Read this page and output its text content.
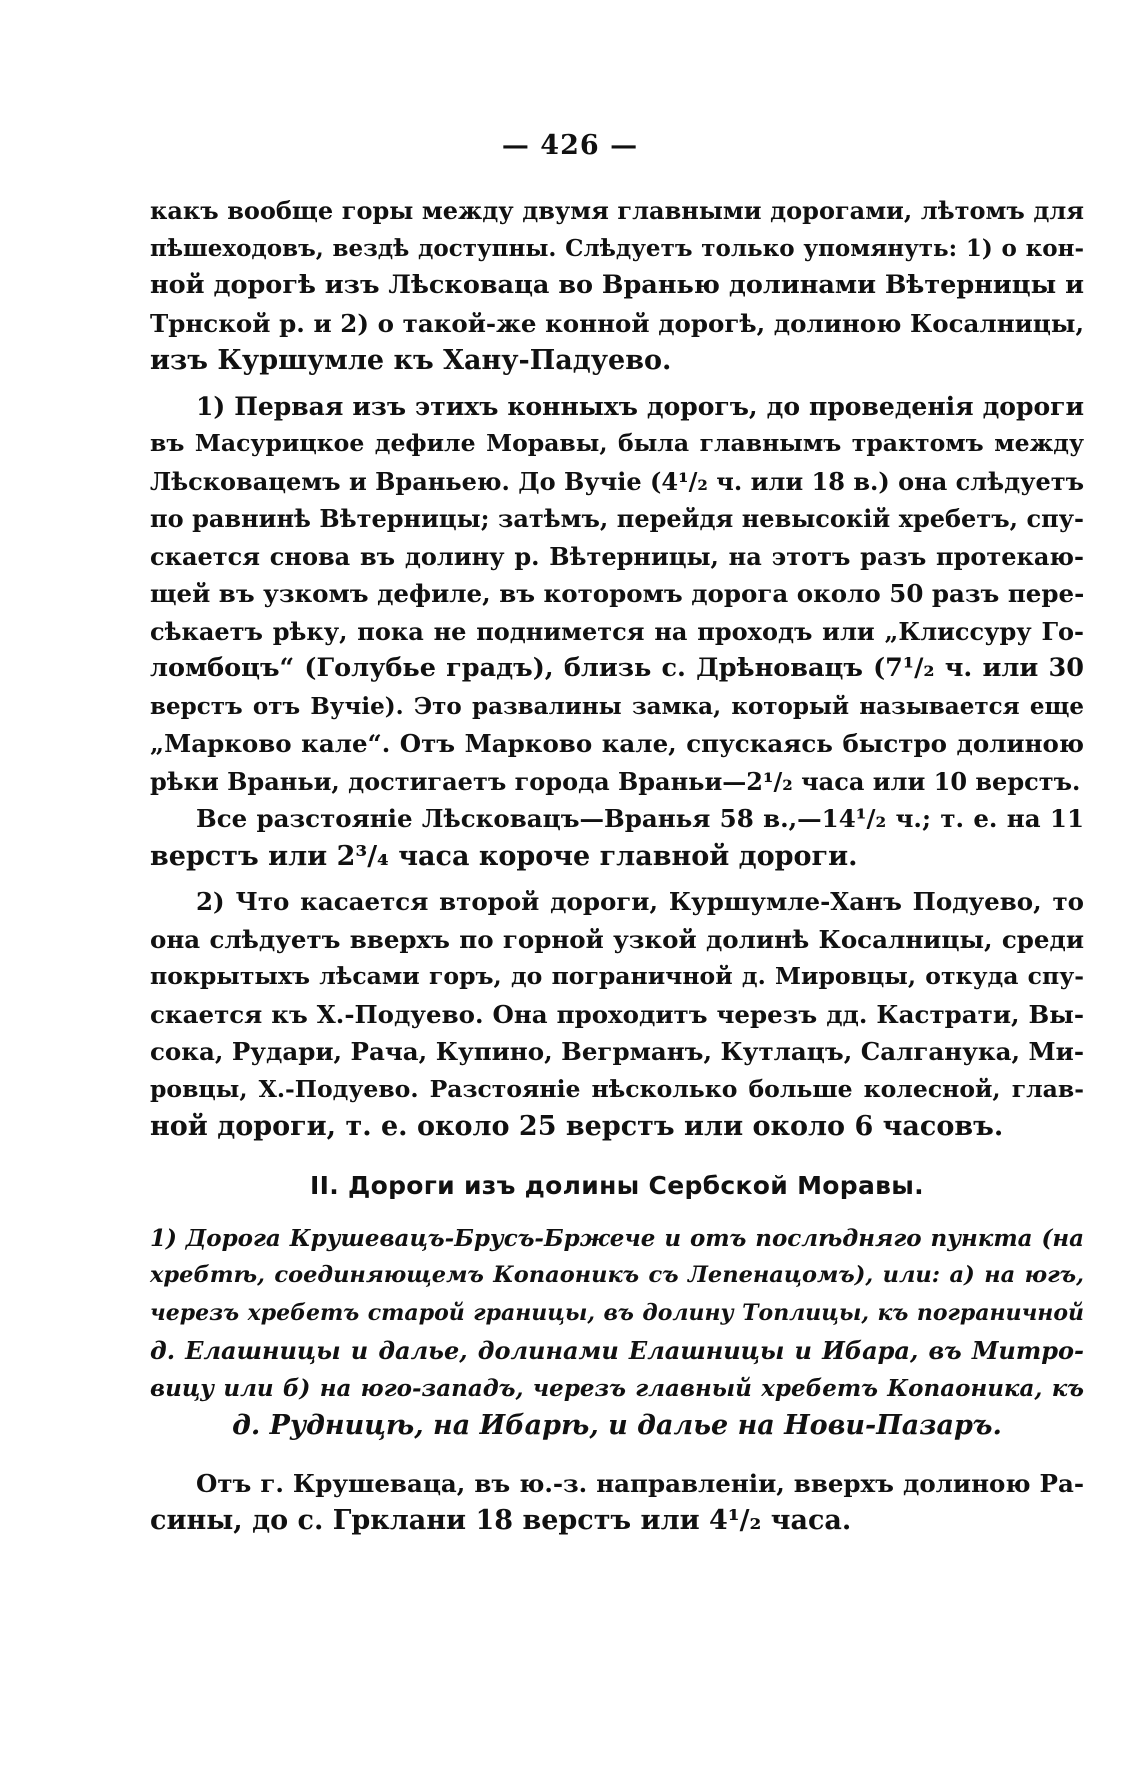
— 426 —
какъ вообще горы между двумя главными дорогами, лѣтомъ для
пѣшеходовъ, вездѣ доступны. Слѣдуетъ только упомянуть: 1) о кон-
ной дорогѣ изъ Лѣсковаца во Вранью долинами Вѣтерницы и
Трнской р. и 2) о такой-же конной дорогѣ, долиною Косалницы,
изъ Куршумле къ Хану-Падуево.
1) Первая изъ этихъ конныхъ дорогъ, до проведенія дороги
въ Масурицкое дефиле Моравы, была главнымъ трактомъ между
Лѣсковацемъ и Враньею. До Вучіе (4¹/₂ ч. или 18 в.) она слѣдуетъ
по равнинѣ Вѣтерницы; затѣмъ, перейдя невысокій хребетъ, спу-
скается снова въ долину р. Вѣтерницы, на этотъ разъ протекаю-
щей въ узкомъ дефиле, въ которомъ дорога около 50 разъ пере-
сѣкаетъ рѣку, пока не поднимется на проходъ или „Клиссуру Го-
ломбоцъ“ (Голубье градъ), близь с. Дрѣновацъ (7¹/₂ ч. или 30
верстъ отъ Вучіе). Это развалины замка, который называется еще
„Марково кале“. Отъ Марково кале, спускаясь быстро долиною
рѣки Враньи, достигаетъ города Враньи—2¹/₂ часа или 10 верстъ.
Все разстояніе Лѣсковацъ—Вранья 58 в.,—14¹/₂ ч.; т. е. на 11
верстъ или 2³/₄ часа короче главной дороги.
2) Что касается второй дороги, Куршумле-Ханъ Подуево, то
она слѣдуетъ вверхъ по горной узкой долинѣ Косалницы, среди
покрытыхъ лѣсами горъ, до пограничной д. Мировцы, откуда спу-
скается къ Х.-Подуево. Она проходитъ черезъ дд. Кастрати, Вы-
сока, Рудари, Рача, Купино, Вегрманъ, Кутлацъ, Салганука, Ми-
ровцы, Х.-Подуево. Разстояніе нѣсколько больше колесной, глав-
ной дороги, т. е. около 25 верстъ или около 6 часовъ.
II. Дороги изъ долины Сербской Моравы.
1) Дорога Крушевацъ-Брусъ-Бржече и отъ послѣдняго пункта (на
хребтѣ, соединяющемъ Копаоникъ съ Лепенацомъ), или: а) на югъ,
черезъ хребетъ старой границы, въ долину Топлицы, къ пограничной
д. Елашницы и далье, долинами Елашницы и Ибара, въ Митро-
вицу или б) на юго-западъ, черезъ главный хребетъ Копаоника, къ
д. Рудницѣ, на Ибарѣ, и далье на Нови-Пазаръ.
Отъ г. Крушеваца, въ ю.-з. направленіи, вверхъ долиною Ра-
сины, до с. Грклани 18 верстъ или 4¹/₂ часа.
